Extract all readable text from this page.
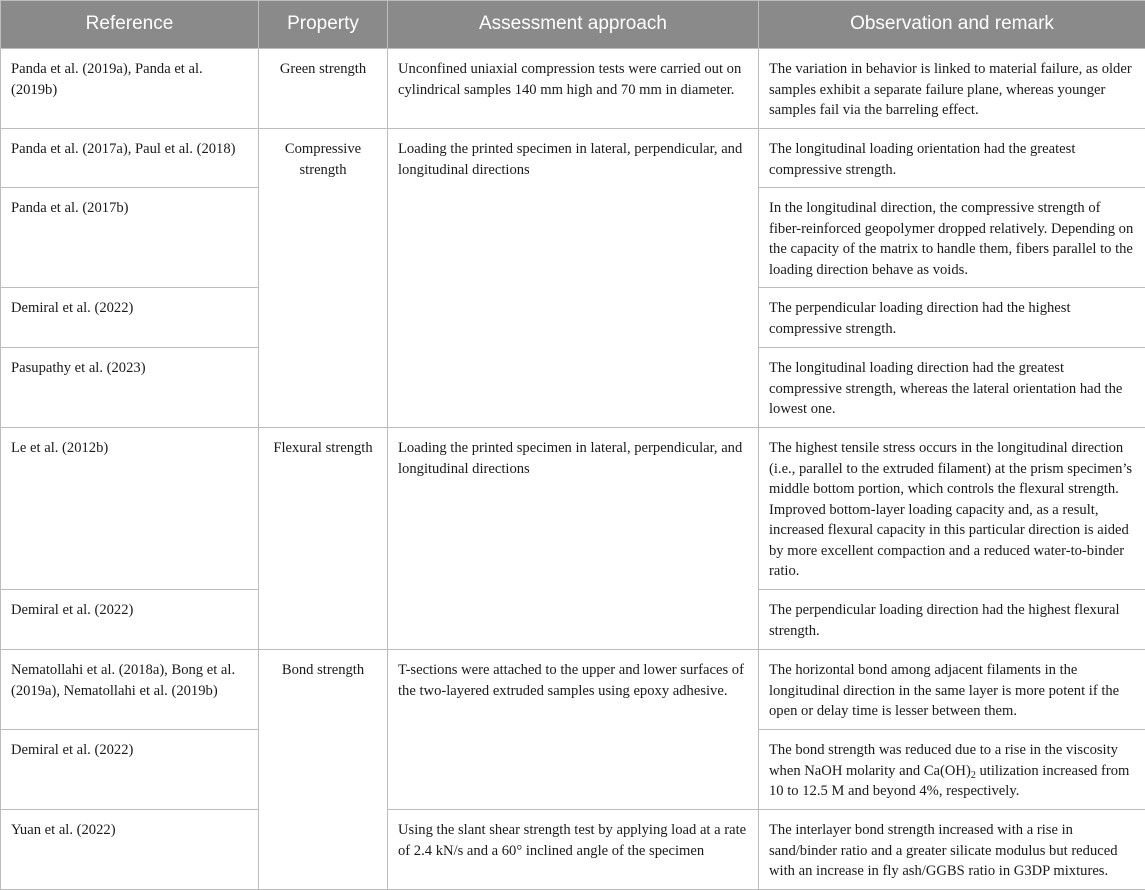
Reference	Property	Assessment approach	Observation and remark
Panda et al. (2019a), Panda et al. (2019b)	Green strength	Unconfined uniaxial compression tests were carried out on cylindrical samples 140 mm high and 70 mm in diameter.	The variation in behavior is linked to material failure, as older samples exhibit a separate failure plane, whereas younger samples fail via the barreling effect.
Panda et al. (2017a), Paul et al. (2018)	Compressive strength	Loading the printed specimen in lateral, perpendicular, and longitudinal directions	The longitudinal loading orientation had the greatest compressive strength.
Panda et al. (2017b)			In the longitudinal direction, the compressive strength of fiber-reinforced geopolymer dropped relatively. Depending on the capacity of the matrix to handle them, fibers parallel to the loading direction behave as voids.
Demiral et al. (2022)			The perpendicular loading direction had the highest compressive strength.
Pasupathy et al. (2023)			The longitudinal loading direction had the greatest compressive strength, whereas the lateral orientation had the lowest one.
Le et al. (2012b)	Flexural strength	Loading the printed specimen in lateral, perpendicular, and longitudinal directions	The highest tensile stress occurs in the longitudinal direction (i.e., parallel to the extruded filament) at the prism specimen’s middle bottom portion, which controls the flexural strength. Improved bottom-layer loading capacity and, as a result, increased flexural capacity in this particular direction is aided by more excellent compaction and a reduced water-to-binder ratio.
Demiral et al. (2022)			The perpendicular loading direction had the highest flexural strength.
Nematollahi et al. (2018a), Bong et al. (2019a), Nematollahi et al. (2019b)	Bond strength	T-sections were attached to the upper and lower surfaces of the two-layered extruded samples using epoxy adhesive.	The horizontal bond among adjacent filaments in the longitudinal direction in the same layer is more potent if the open or delay time is lesser between them.
Demiral et al. (2022)			The bond strength was reduced due to a rise in the viscosity when NaOH molarity and $Ca(OH)_2$ utilization increased from 10 to 12.5 M and beyond 4%, respectively.
Yuan et al. (2022)		Using the slant shear strength test by applying load at a rate of 2.4 kN/s and a 60° inclined angle of the specimen	The interlayer bond strength increased with a rise in sand/binder ratio and a greater silicate modulus but reduced with an increase in fly ash/GGBS ratio in G3DP mixtures.
